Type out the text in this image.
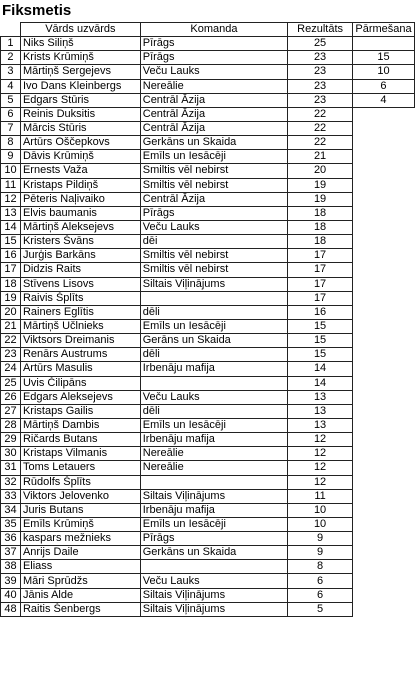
Fiksmetis
	Vārds uzvārds	Komanda	Rezultāts	Pārmešana
1	Niks Siliņš	Pīrāgs	25	
2	Krists Krūmiņš	Pīrāgs	23	15
3	Mārtiņš Sergejevs	Veču Lauks	23	10
4	Ivo Dans Kleinbergs	Nereālie	23	6
5	Edgars Stūris	Centrāl Āzija	23	4
6	Reinis Duksitis	Centrāl Āzija	22	
7	Mārcis Stūris	Centrāl Āzija	22	
8	Artūrs Oščepkovs	Gerkāns un Skaida	22	
9	Dāvis Krūmiņš	Emīls un Iesācēji	21	
10	Ernests Važa	Smiltis vēl nebirst	20	
11	Kristaps Pildiņš	Smiltis vēl nebirst	19	
12	Pēteris Naļivaiko	Centrāl Āzija	19	
13	Elvis baumanis	Pīrāgs	18	
14	Mārtiņš Aleksejevs	Veču Lauks	18	
15	Kristers Švāns	dēi	18	
16	Jurģis Barkāns	Smiltis vēl nebirst	17	
17	Didzis Raits	Smiltis vēl nebirst	17	
18	Stīvens Lisovs	Siltais Viļinājums	17	
19	Raivis Šplīts		17	
20	Rainers Eglītis	dēli	16	
21	Mārtiņš Učlnieks	Emīls un Iesācēji	15	
22	Viktsors Dreimanis	Gerāns un Skaida	15	
23	Renārs Austrums	dēli	15	
24	Artūrs Masulis	Irbenāju mafija	14	
25	Uvis Čilipāns		14	
26	Edgars Aleksejevs	Veču Lauks	13	
27	Kristaps Gailis	dēli	13	
28	Mārtiņš Dambis	Emīls un Iesācēji	13	
29	Ričards Butans	Irbenāju mafija	12	
30	Kristaps Vilmanis	Nereālie	12	
31	Toms Letauers	Nereālie	12	
32	Rūdolfs Šplīts		12	
33	Viktors Jelovenko	Siltais Viļinājums	11	
34	Juris Butans	Irbenāju mafija	10	
35	Emīls Krūmiņš	Emīls un Iesācēji	10	
36	kaspars mežnieks	Pīrāgs	9	
37	Anrijs Daile	Gerkāns un Skaida	9	
38	Eliass		8	
39	Māri Sprūdžs	Veču Lauks	6	
40	Jānis Alde	Siltais Viļinājums	6	
48	Raitis Šenbergs	Siltais Viļinājums	5	
